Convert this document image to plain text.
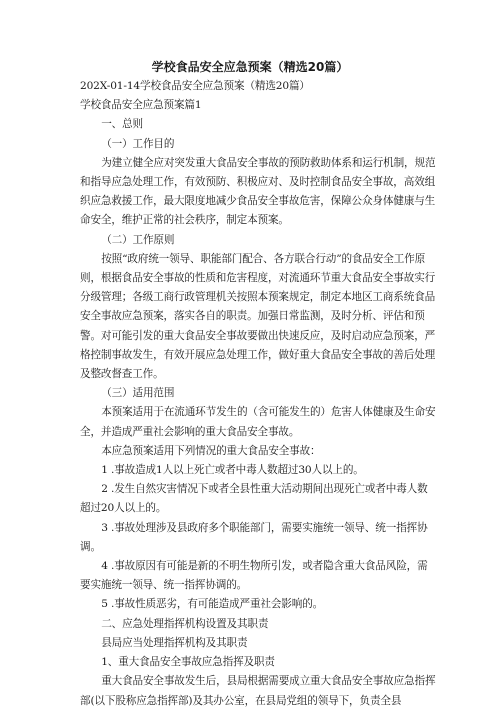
学校食品安全应急预案（精选20篇）

202X-01-14学校食品安全应急预案（精选20篇）

学校食品安全应急预案篇1

一、总则

（一）工作目的

为建立健全应对突发重大食品安全事故的预防救助体系和运行机制，规范和指导应急处理工作，有效预防、积极应对、及时控制食品安全事故，高效组织应急救援工作，最大限度地减少食品安全事故危害，保障公众身体健康与生命安全，维护正常的社会秩序，制定本预案。

（二）工作原则

按照“政府统一领导、职能部门配合、各方联合行动”的食品安全工作原则，根据食品安全事故的性质和危害程度，对流通环节重大食品安全事故实行分级管理；各级工商行政管理机关按照本预案规定，制定本地区工商系统食品安全事故应急预案，落实各自的职责。加强日常监测，及时分析、评估和预警。对可能引发的重大食品安全事故要做出快速反应，及时启动应急预案，严格控制事故发生，有效开展应急处理工作，做好重大食品安全事故的善后处理及整改督查工作。

（三）适用范围

本预案适用于在流通环节发生的（含可能发生的）危害人体健康及生命安全，并造成严重社会影响的重大食品安全事故。

本应急预案适用下列情况的重大食品安全事故：

1 .事故造成1人以上死亡或者中毒人数超过30人以上的。

2 .发生自然灾害情况下或者全县性重大活动期间出现死亡或者中毒人数超过20人以上的。

3 .事故处理涉及县政府多个职能部门，需要实施统一领导、统一指挥协调。

4 .事故原因有可能是新的不明生物所引发，或者隐含重大食品风险，需要实施统一领导、统一指挥协调的。

5 .事故性质恶劣，有可能造成严重社会影响的。

二、应急处理指挥机构设置及其职责

县局应当处理指挥机构及其职责

1、重大食品安全事故应急指挥及职责

重大食品安全事故发生后，县局根据需要成立重大食品安全事故应急指挥部(以下股称应急指挥部)及其办公室，在县局党组的领导下，负责全县
